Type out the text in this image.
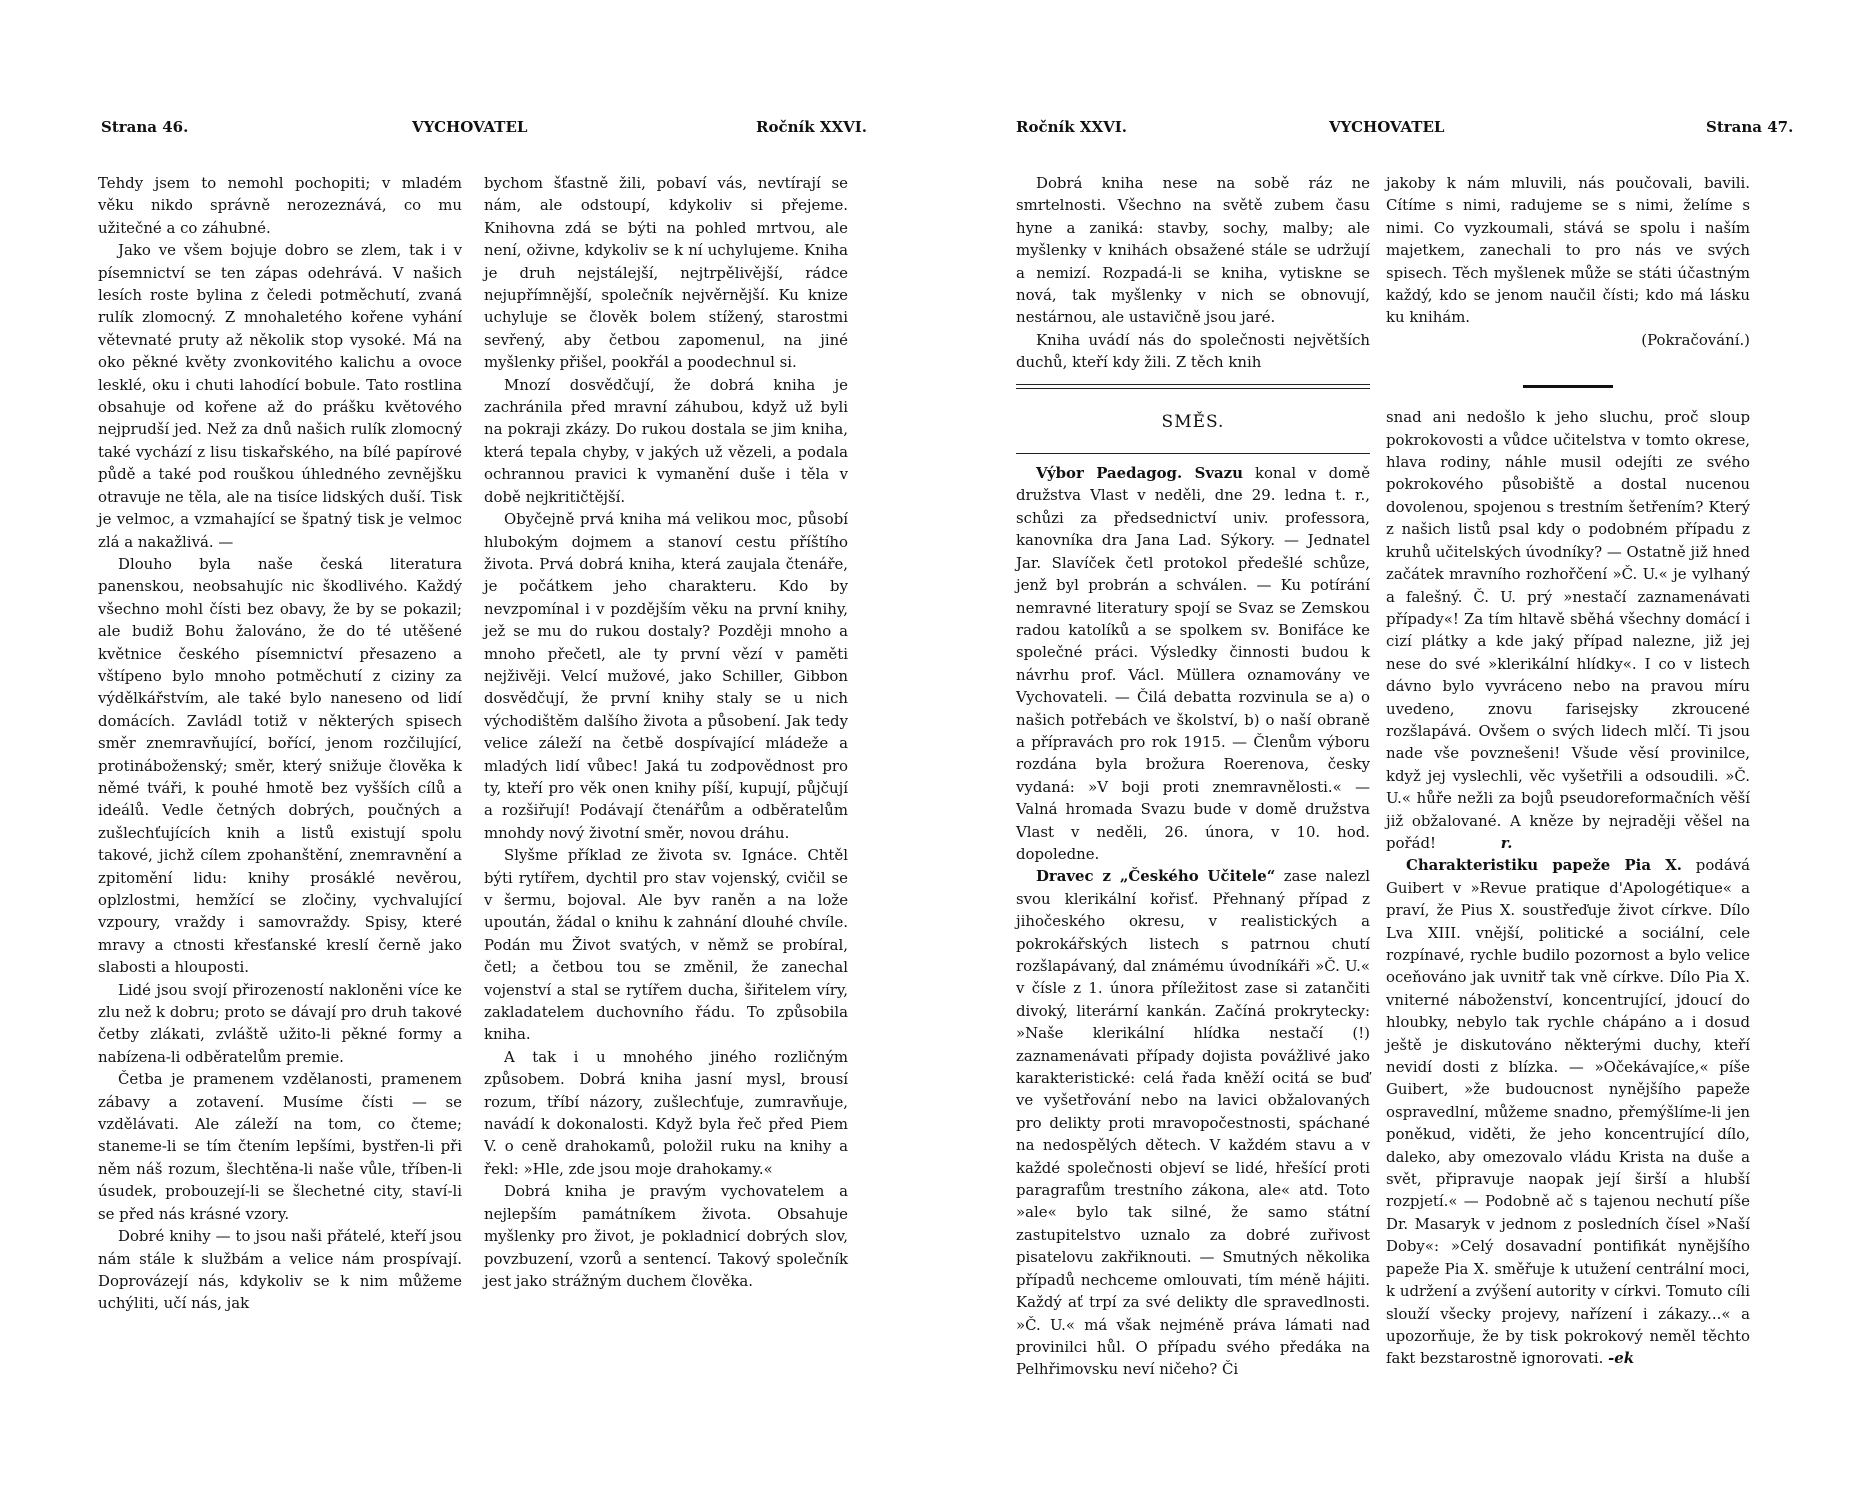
Strana 46.	VYCHOVATEL	Ročník XXVI.

Tehdy jsem to nemohl pochopiti; v mladém věku nikdo správně nerozeznává, co mu užitečné a co záhubné.

Jako ve všem bojuje dobro se zlem, tak i v písemnictví se ten zápas odehrává. V našich lesích roste bylina z čeledi potměchutí, zvaná rulík zlomocný. Z mnohaletého kořene vyhání větevnaté pruty až několik stop vysoké. Má na oko pěkné květy zvonkovitého kalichu a ovoce lesklé, oku i chuti lahodící bobule. Tato rostlina obsahuje od kořene až do prášku květového nejprudší jed. Než za dnů našich rulík zlomocný také vychází z lisu tiskařského, na bílé papírové půdě a také pod rouškou úhledného zevnějšku otravuje ne těla, ale na tisíce lidských duší. Tisk je velmoc, a vzmahající se špatný tisk je velmoc zlá a nakažlivá. —

Dlouho byla naše česká literatura panenskou, neobsahujíc nic škodlivého. Každý všechno mohl čísti bez obavy, že by se pokazil; ale budiž Bohu žalováno, že do té utěšené květnice českého písemnictví přesazeno a vštípeno bylo mnoho potměchutí z ciziny za výdělkářstvím, ale také bylo naneseno od lidí domácích. Zavládl totiž v některých spisech směr znemravňující, bořící, jenom rozčilující, protináboženský; směr, který snižuje člověka k němé tváři, k pouhé hmotě bez vyšších cílů a ideálů. Vedle četných dobrých, poučných a zušlechťujících knih a listů existují spolu takové, jichž cílem zpohanštění, znemravnění a zpitomění lidu: knihy prosáklé nevěrou, oplzlostmi, hemžící se zločiny, vychvalující vzpoury, vraždy i samovraždy. Spisy, které mravy a ctnosti křesťanské kreslí černě jako slabosti a hlouposti.

Lidé jsou svojí přirozeností nakloněni více ke zlu než k dobru; proto se dávají pro druh takové četby zlákati, zvláště užito-li pěkné formy a nabízena-li odběratelům premie.

Četba je pramenem vzdělanosti, pramenem zábavy a zotavení. Musíme čísti — se vzdělávati. Ale záleží na tom, co čteme; staneme-li se tím čtením lepšími, bystřen-li při něm náš rozum, šlechtěna-li naše vůle, tříben-li úsudek, probouzejí-li se šlechetné city, staví-li se před nás krásné vzory.

Dobré knihy — to jsou naši přátelé, kteří jsou nám stále k službám a velice nám prospívají. Doprovázejí nás, kdykoliv se k nim můžeme uchýliti, učí nás, jak

bychom šťastně žili, pobaví vás, nevtírají se nám, ale odstoupí, kdykoliv si přejeme. Knihovna zdá se býti na pohled mrtvou, ale není, oživne, kdykoliv se k ní uchylujeme. Kniha je druh nejstálejší, nejtrpělivější, rádce nejupřímnější, společník nejvěrnější. Ku knize uchyluje se člověk bolem stížený, starostmi sevřený, aby četbou zapomenul, na jiné myšlenky přišel, pookřál a poodechnul si.

Mnozí dosvědčují, že dobrá kniha je zachránila před mravní záhubou, když už byli na pokraji zkázy. Do rukou dostala se jim kniha, která tepala chyby, v jakých už vězeli, a podala ochrannou pravici k vymanění duše i těla v době nejkritičtější.

Obyčejně prvá kniha má velikou moc, působí hlubokým dojmem a stanoví cestu příštího života. Prvá dobrá kniha, která zaujala čtenáře, je počátkem jeho charakteru. Kdo by nevzpomínal i v pozdějším věku na první knihy, jež se mu do rukou dostaly? Později mnoho a mnoho přečetl, ale ty první vězí v paměti nejživěji. Velcí mužové, jako Schiller, Gibbon dosvědčují, že první knihy staly se u nich východištěm dalšího života a působení. Jak tedy velice záleží na četbě dospívající mládeže a mladých lidí vůbec! Jaká tu zodpovědnost pro ty, kteří pro věk onen knihy píší, kupují, půjčují a rozšiřují! Podávají čtenářům a odběratelům mnohdy nový životní směr, novou dráhu.

Slyšme příklad ze života sv. Ignáce. Chtěl býti rytířem, dychtil pro stav vojenský, cvičil se v šermu, bojoval. Ale byv raněn a na lože upoután, žádal o knihu k zahnání dlouhé chvíle. Podán mu Život svatých, v němž se probíral, četl; a četbou tou se změnil, že zanechal vojenství a stal se rytířem ducha, šiřitelem víry, zakladatelem duchovního řádu. To způsobila kniha.

A tak i u mnohého jiného rozličným způsobem. Dobrá kniha jasní mysl, brousí rozum, tříbí názory, zušlechťuje, zumravňuje, navádí k dokonalosti. Když byla řeč před Piem V. o ceně drahokamů, položil ruku na knihy a řekl: »Hle, zde jsou moje drahokamy.«

Dobrá kniha je pravým vychovatelem a nejlepším památníkem života. Obsahuje myšlenky pro život, je pokladnicí dobrých slov, povzbuzení, vzorů a sentencí. Takový společník jest jako strážným duchem člověka.

Ročník XXVI.	VYCHOVATEL	Strana 47.

Dobrá kniha nese na sobě ráz ne smrtelnosti. Všechno na světě zubem času hyne a zaniká: stavby, sochy, malby; ale myšlenky v knihách obsažené stále se udržují a nemizí. Rozpadá-li se kniha, vytiskne se nová, tak myšlenky v nich se obnovují, nestárnou, ale ustavičně jsou jaré.

Kniha uvádí nás do společnosti největších duchů, kteří kdy žili. Z těch knih

SMĚS.

Výbor Paedagog. Svazu konal v domě družstva Vlast v neděli, dne 29. ledna t. r., schůzi za předsednictví univ. professora, kanovníka dra Jana Lad. Sýkory. — Jednatel Jar. Slavíček četl protokol předešlé schůze, jenž byl probrán a schválen. — Ku potírání nemravné literatury spojí se Svaz se Zemskou radou katolíků a se spolkem sv. Bonifáce ke společné práci. Výsledky činnosti budou k návrhu prof. Václ. Müllera oznamovány ve Vychovateli. — Čilá debatta rozvinula se a) o našich potřebách ve školství, b) o naší obraně a přípravách pro rok 1915. — Členům výboru rozdána byla brožura Roerenova, česky vydaná: »V boji proti znemravnělosti.« — Valná hromada Svazu bude v domě družstva Vlast v neděli, 26. února, v 10. hod. dopoledne.

Dravec z „Českého Učitele“ zase nalezl svou klerikální kořisť. Přehnaný případ z jihočeského okresu, v realistických a pokrokářských listech s patrnou chutí rozšlapávaný, dal známému úvodníkáři »Č. U.« v čísle z 1. února příležitost zase si zatančiti divoký, literární kankán. Začíná prokrytecky: »Naše klerikální hlídka nestačí (!) zaznamenávati případy dojista povážlivé jako karakteristické: celá řada kněží ocitá se buď ve vyšetřování nebo na lavici obžalovaných pro delikty proti mravopočestnosti, spáchané na nedospělých dětech. V každém stavu a v každé společnosti objeví se lidé, hřešící proti paragrafům trestního zákona, ale« atd. Toto »ale« bylo tak silné, že samo státní zastupitelstvo uznalo za dobré zuřivost pisatelovu zakřiknouti. — Smutných několika případů nechceme omlouvati, tím méně hájiti. Každý ať trpí za své delikty dle spravedlnosti. »Č. U.« má však nejméně práva lámati nad provinilci hůl. O případu svého předáka na Pelhřimovsku neví ničeho? Či

jakoby k nám mluvili, nás poučovali, bavili. Cítíme s nimi, radujeme se s nimi, želíme s nimi. Co vyzkoumali, stává se spolu i naším majetkem, zanechali to pro nás ve svých spisech. Těch myšlenek může se státi účastným každý, kdo se jenom naučil čísti; kdo má lásku ku knihám.

(Pokračování.)

snad ani nedošlo k jeho sluchu, proč sloup pokrokovosti a vůdce učitelstva v tomto okrese, hlava rodiny, náhle musil odejíti ze svého pokrokového působiště a dostal nucenou dovolenou, spojenou s trestním šetřením? Který z našich listů psal kdy o podobném případu z kruhů učitelských úvodníky? — Ostatně již hned začátek mravního rozhořčení »Č. U.« je vylhaný a falešný. Č. U. prý »nestačí zaznamenávati případy«! Za tím hltavě sběhá všechny domácí i cizí plátky a kde jaký případ nalezne, již jej nese do své »klerikální hlídky«. I co v listech dávno bylo vyvráceno nebo na pravou míru uvedeno, znovu farisejsky zkroucené rozšlapává. Ovšem o svých lidech mlčí. Ti jsou nade vše povznešeni! Všude věsí provinilce, když jej vyslechli, věc vyšetřili a odsoudili. »Č. U.« hůře nežli za bojů pseudoreformačních věší již obžalované. A kněze by nejraději věšel na pořád!	r.

Charakteristiku papeže Pia X. podává Guibert v »Revue pratique d'Apologétique« a praví, že Pius X. soustřeďuje život církve. Dílo Lva XIII. vnější, politické a sociální, cele rozpínavé, rychle budilo pozornost a bylo velice oceňováno jak uvnitř tak vně církve. Dílo Pia X. vniterné náboženství, koncentrující, jdoucí do hloubky, nebylo tak rychle chápáno a i dosud ještě je diskutováno některými duchy, kteří nevidí dosti z blízka. — »Očekávajíce,« píše Guibert, »že budoucnost nynějšího papeže ospravedlní, můžeme snadno, přemýšlíme-li jen poněkud, viděti, že jeho koncentrující dílo, daleko, aby omezovalo vládu Krista na duše a svět, připravuje naopak její širší a hlubší rozpjetí.« — Podobně ač s tajenou nechutí píše Dr. Masaryk v jednom z posledních čísel »Naší Doby«: »Celý dosavadní pontifikát nynějšího papeže Pia X. směřuje k utužení centrální moci, k udržení a zvýšení autority v církvi. Tomuto cíli slouží všecky projevy, nařízení i zákazy...« a upozorňuje, že by tisk pokrokový neměl těchto fakt bezstarostně ignorovati. -ek
